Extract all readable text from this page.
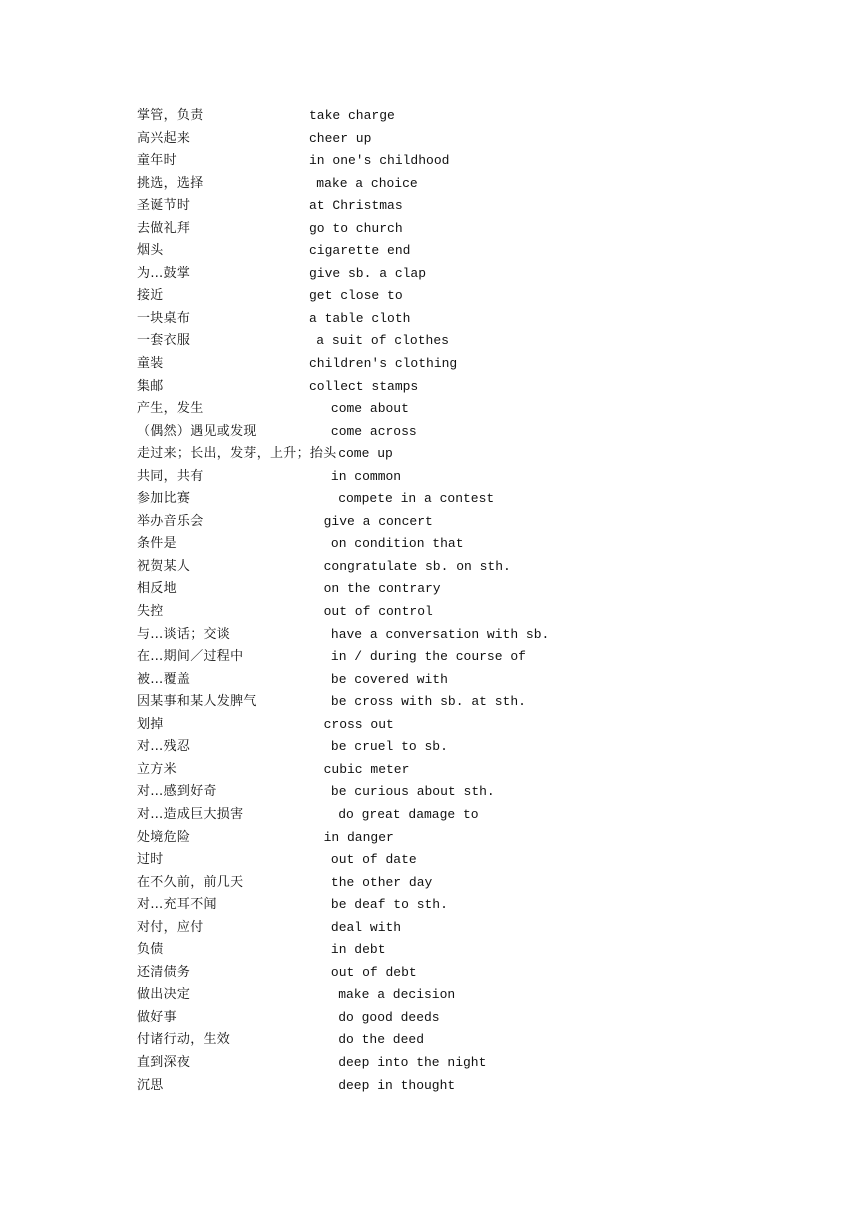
掌管，负责	take charge
高兴起来	cheer up
童年时	in one's childhood
挑选，选择	make a choice
圣诞节时	at Christmas
去做礼拜	go to church
烟头	cigarette end
为…鼓掌	give sb. a clap
接近	get close to
一块桌布	a table cloth
一套衣服	a suit of clothes
童装	children's clothing
集邮	collect stamps
产生，发生	come about
（偶然）遇见或发现	come across
走过来；长出，发芽，上升；抬头 come up
共同，共有	in common
参加比赛	compete in a contest
举办音乐会	give a concert
条件是	on condition that
祝贺某人	congratulate sb. on sth.
相反地	on the contrary
失控	out of control
与…谈话；交谈	have a conversation with sb.
在…期间／过程中	in / during the course of
被…覆盖	be covered with
因某事和某人发脾气	be cross with sb. at sth.
划掉	cross out
对…残忍	be cruel to sb.
立方米	cubic meter
对…感到好奇	be curious about sth.
对…造成巨大损害	do great damage to
处境危险	in danger
过时	out of date
在不久前，前几天	the other day
对…充耳不闻	be deaf to sth.
对付，应付	deal with
负债	in debt
还清债务	out of debt
做出决定	make a decision
做好事	do good deeds
付诸行动，生效	do the deed
直到深夜	deep into the night
沉思	deep in thought
